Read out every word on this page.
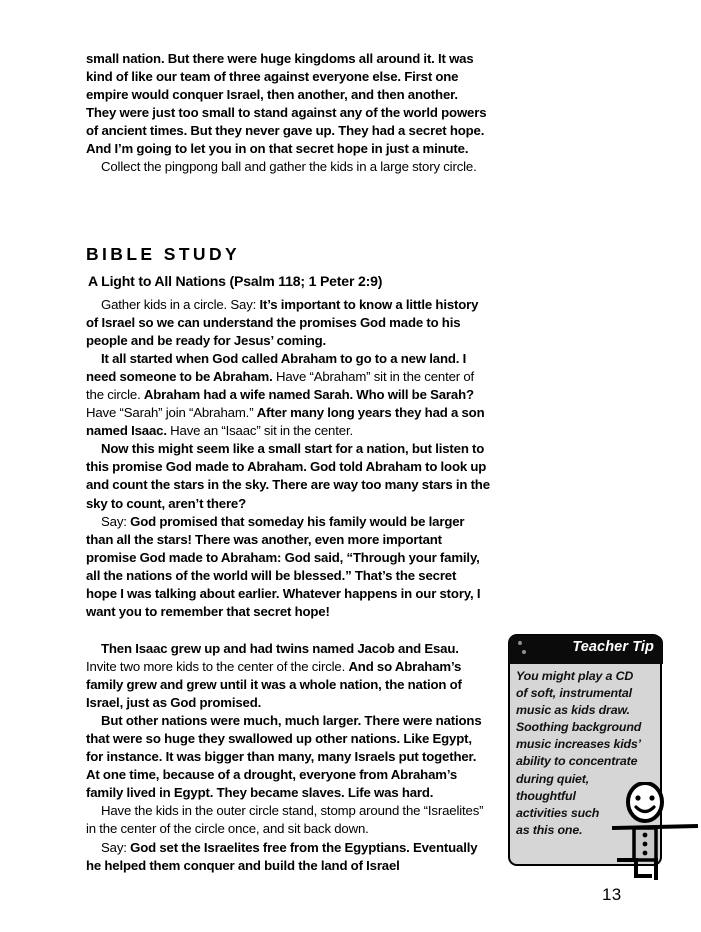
small nation. But there were huge kingdoms all around it. It was kind of like our team of three against everyone else. First one empire would conquer Israel, then another, and then another. They were just too small to stand against any of the world powers of ancient times. But they never gave up. They had a secret hope. And I’m going to let you in on that secret hope in just a minute.

Collect the pingpong ball and gather the kids in a large story circle.

BIBLE STUDY
A Light to All Nations (Psalm 118; 1 Peter 2:9)

Gather kids in a circle. Say: It’s important to know a little history of Israel so we can understand the promises God made to his people and be ready for Jesus’ coming.

It all started when God called Abraham to go to a new land. I need someone to be Abraham. Have “Abraham” sit in the center of the circle. Abraham had a wife named Sarah. Who will be Sarah? Have “Sarah” join “Abraham.” After many long years they had a son named Isaac. Have an “Isaac” sit in the center.

Now this might seem like a small start for a nation, but listen to this promise God made to Abraham. God told Abraham to look up and count the stars in the sky. There are way too many stars in the sky to count, aren’t there?

Say: God promised that someday his family would be larger than all the stars! There was another, even more important promise God made to Abraham: God said, “Through your family, all the nations of the world will be blessed.” That’s the secret hope I was talking about earlier. Whatever happens in our story, I want you to remember that secret hope!

Then Isaac grew up and had twins named Jacob and Esau. Invite two more kids to the center of the circle. And so Abraham’s family grew and grew until it was a whole nation, the nation of Israel, just as God promised.

But other nations were much, much larger. There were nations that were so huge they swallowed up other nations. Like Egypt, for instance. It was bigger than many, many Israels put together. At one time, because of a drought, everyone from Abraham’s family lived in Egypt. They became slaves. Life was hard.

Have the kids in the outer circle stand, stomp around the “Israelites” in the center of the circle once, and sit back down.

Say: God set the Israelites free from the Egyptians. Eventually he helped them conquer and build the land of Israel

Teacher Tip
You might play a CD
of soft, instrumental
music as kids draw.
Soothing background
music increases kids’
ability to concentrate
during quiet,
thoughtful
activities such
as this one.
13
